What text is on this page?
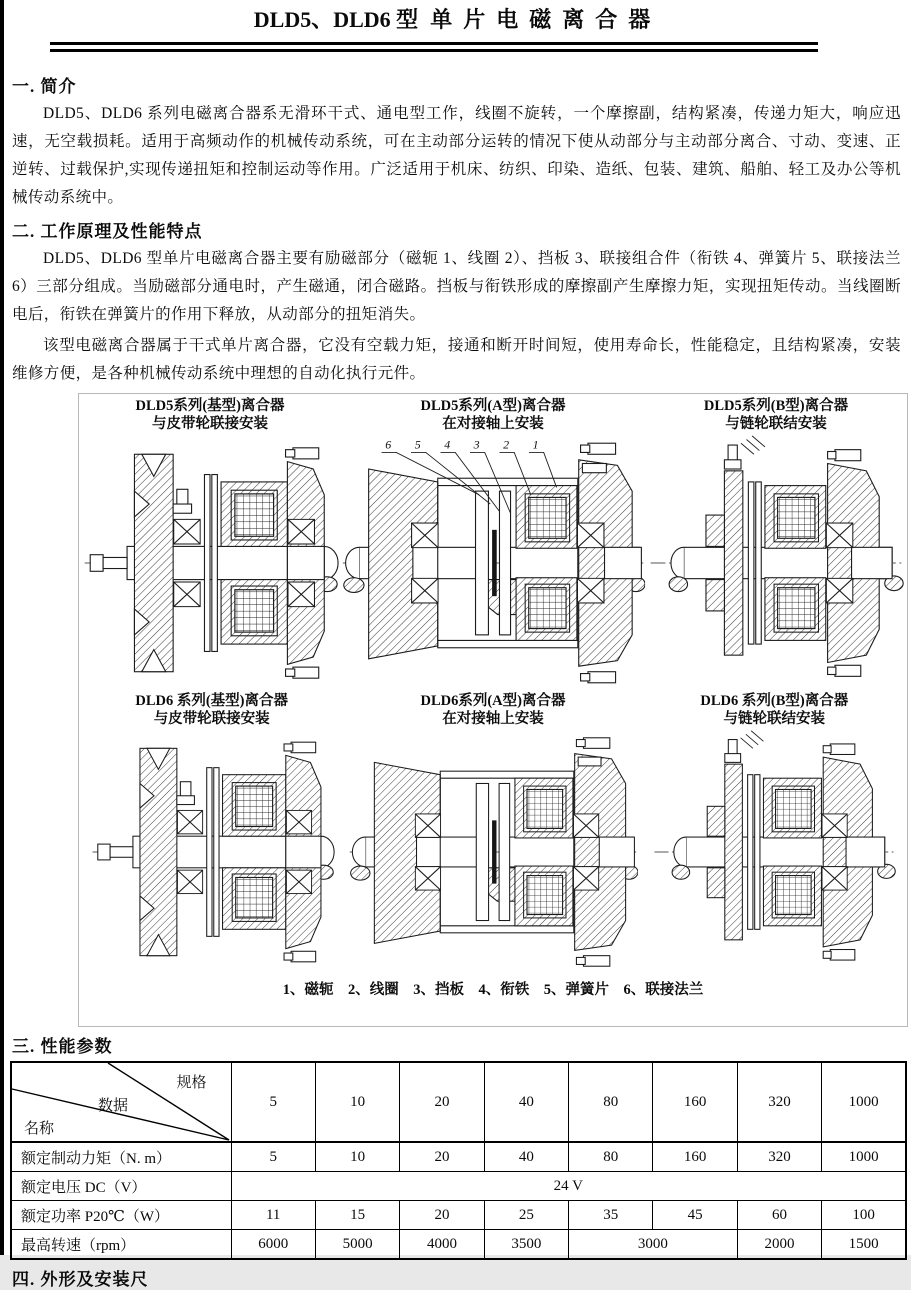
DLD5、DLD6 型 单片电磁离合器
一. 简介

DLD5、DLD6 系列电磁离合器系无滑环干式、通电型工作，线圈不旋转，一个摩擦副，结构紧凑，传递力矩大，响应迅速，无空载损耗。适用于高频动作的机械传动系统，可在主动部分运转的情况下使从动部分与主动部分离合、寸动、变速、正逆转、过载保护,实现传递扭矩和控制运动等作用。广泛适用于机床、纺织、印染、造纸、包装、建筑、船舶、轻工及办公等机械传动系统中。

二. 工作原理及性能特点

DLD5、DLD6 型单片电磁离合器主要有励磁部分（磁轭 1、线圈 2）、挡板 3、联接组合件（衔铁 4、弹簧片 5、联接法兰 6）三部分组成。当励磁部分通电时，产生磁通，闭合磁路。挡板与衔铁形成的摩擦副产生摩擦力矩，实现扭矩传动。当线圈断电后，衔铁在弹簧片的作用下释放，从动部分的扭矩消失。

该型电磁离合器属于干式单片离合器，它没有空载力矩，接通和断开时间短，使用寿命长，性能稳定，且结构紧凑，安装维修方便，是各种机械传动系统中理想的自动化执行元件。

DLD5系列(基型)离合器
与皮带轮联接安装
DLD5系列(A型)离合器
在对接轴上安装
6 5 4 3 2 1
DLD5系列(B型)离合器
与链轮联结安装
DLD6 系列(基型)离合器
与皮带轮联接安装
DLD6系列(A型)离合器
在对接轴上安装
DLD6 系列(B型)离合器
与链轮联结安装
1、磁轭　2、线圈　3、挡板　4、衔铁　5、弹簧片　6、联接法兰
三. 性能参数
规格
数据
名称	5	10	20	40	80	160	320	1000
额定制动力矩（N. m）	5	10	20	40	80	160	320	1000
额定电压 DC（V）	24 V							
额定功率 P20℃（W）	11	15	20	25	35	45	60	100
最高转速（rpm）	6000	5000	4000	3500	3000		2000	1500
四. 外形及安装尺
